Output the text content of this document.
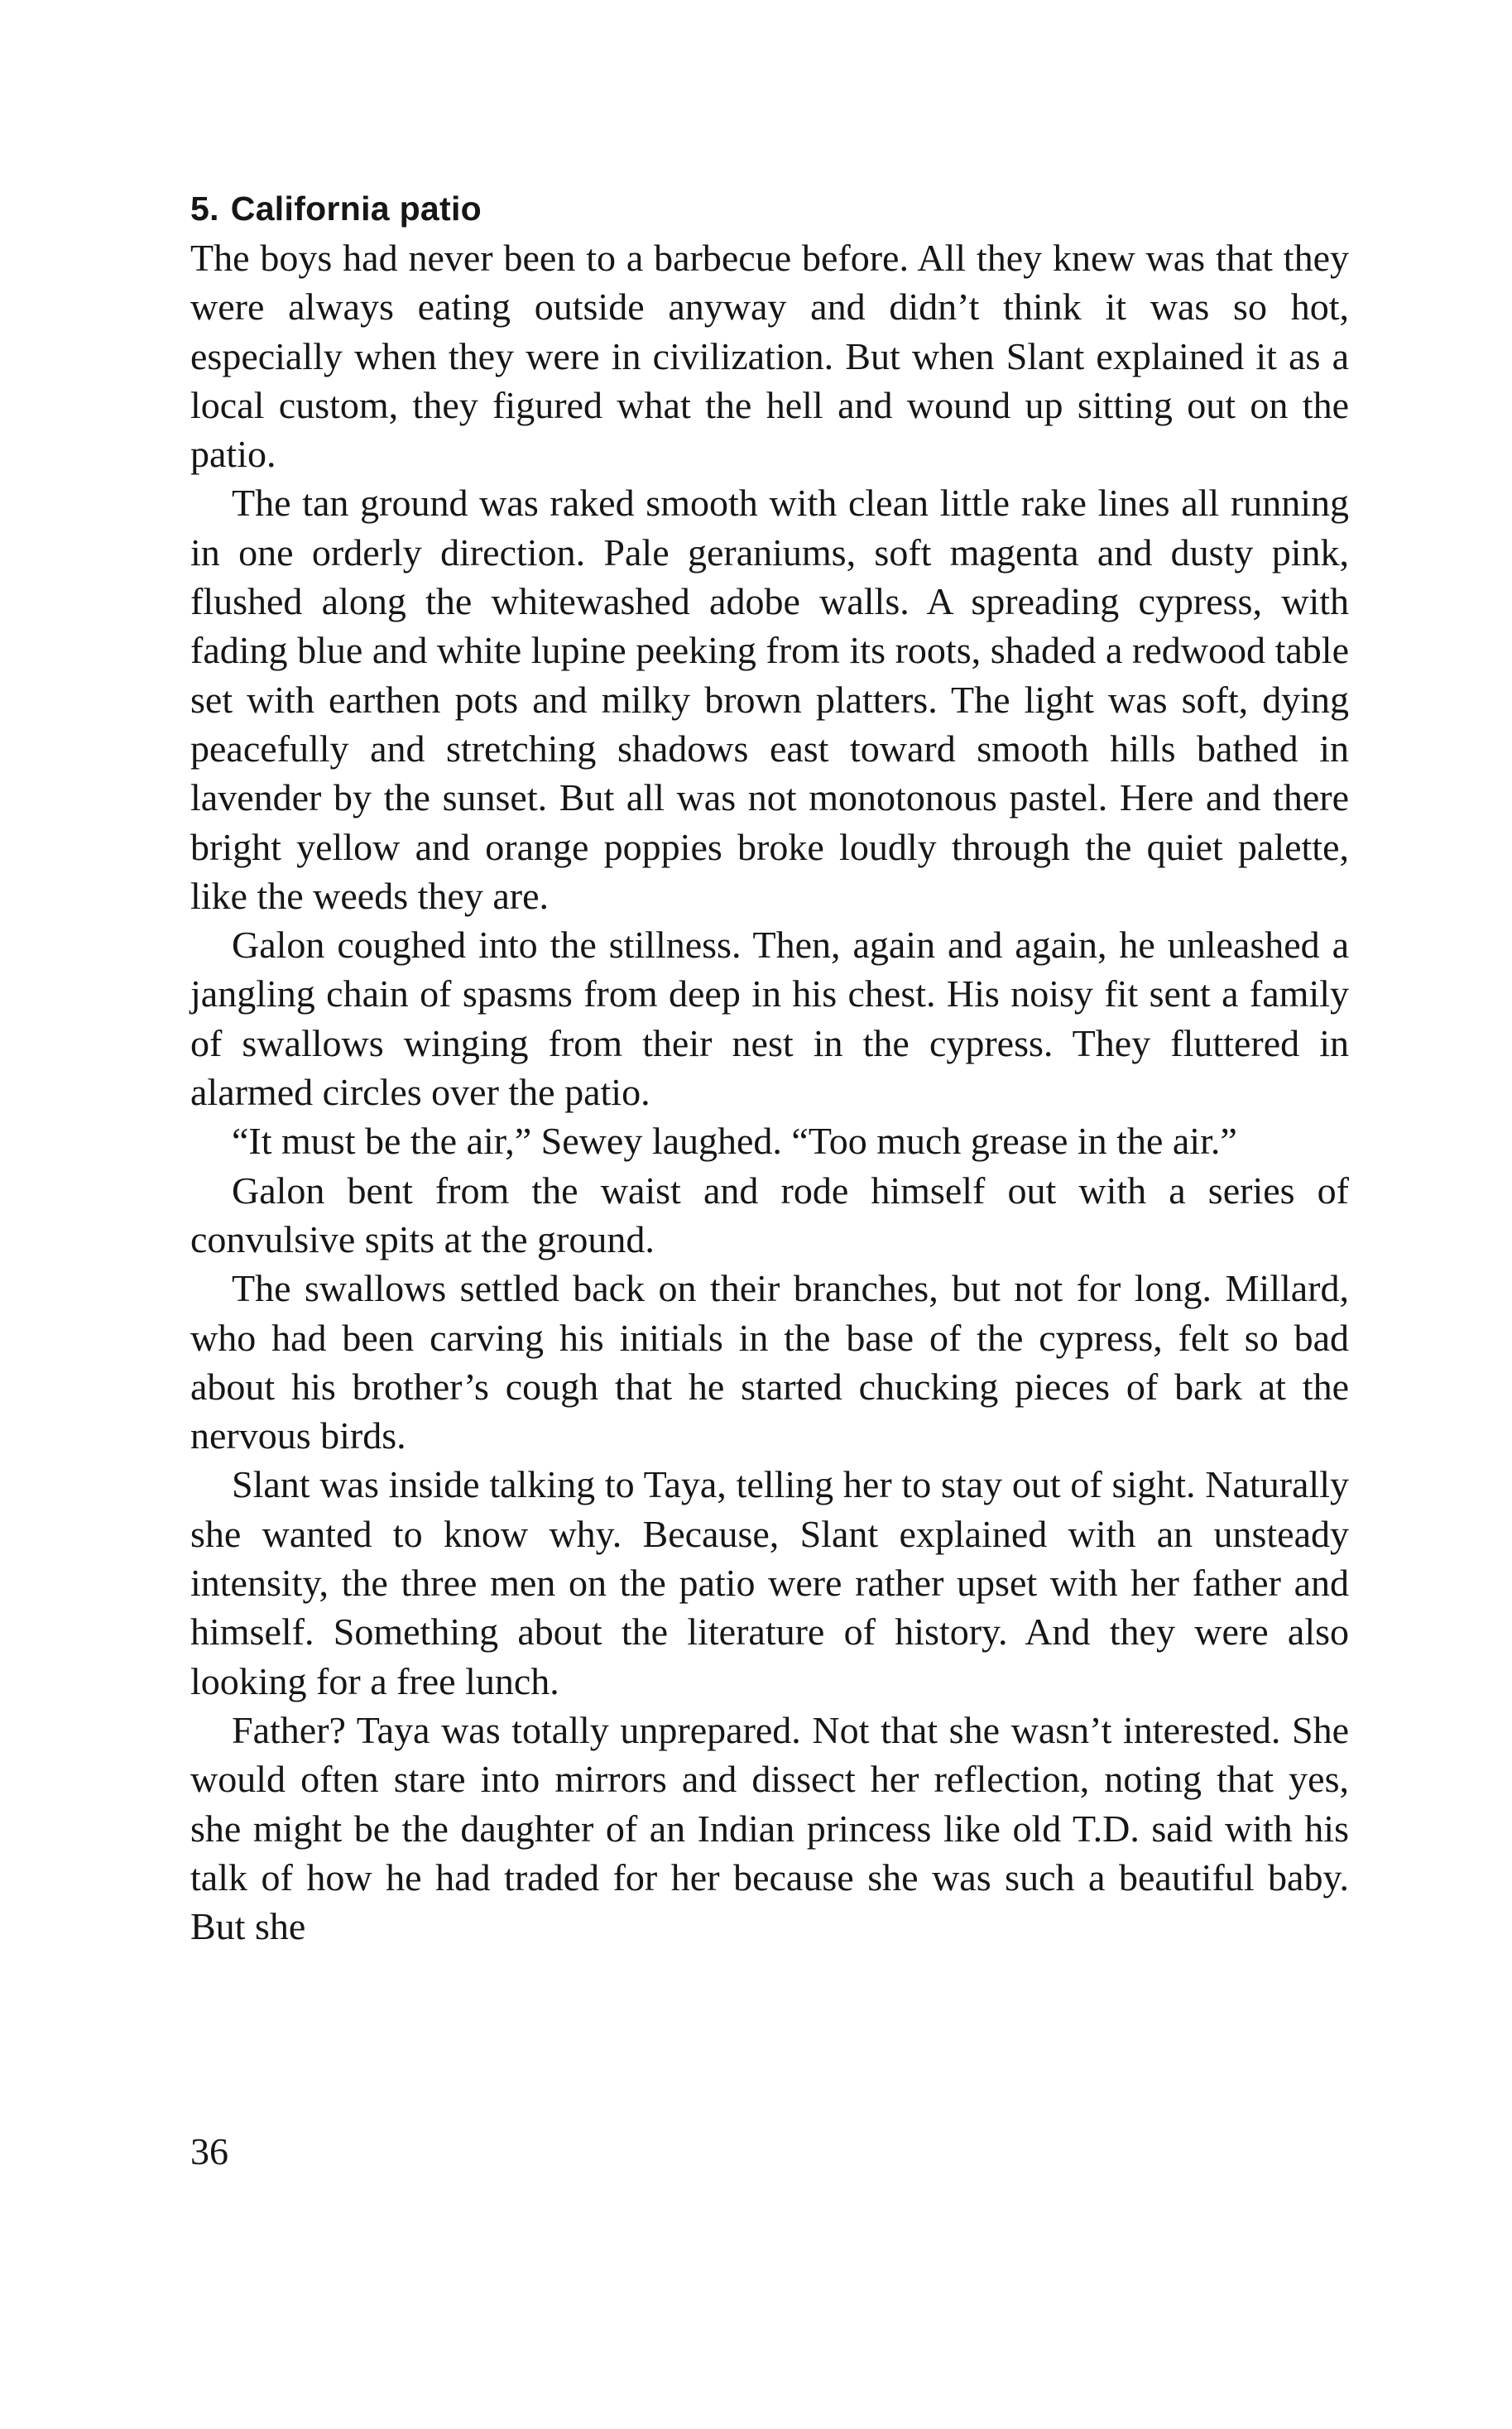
5. California patio

The boys had never been to a barbecue before. All they knew was that they were always eating outside anyway and didn’t think it was so hot, especially when they were in civilization. But when Slant explained it as a local custom, they figured what the hell and wound up sitting out on the patio.

The tan ground was raked smooth with clean little rake lines all running in one orderly direction. Pale geraniums, soft magenta and dusty pink, flushed along the whitewashed adobe walls. A spreading cypress, with fading blue and white lupine peeking from its roots, shaded a redwood table set with earthen pots and milky brown platters. The light was soft, dying peacefully and stretching shadows east toward smooth hills bathed in lavender by the sunset. But all was not monotonous pastel. Here and there bright yellow and orange poppies broke loudly through the quiet palette, like the weeds they are.

Galon coughed into the stillness. Then, again and again, he unleashed a jangling chain of spasms from deep in his chest. His noisy fit sent a family of swallows winging from their nest in the cypress. They fluttered in alarmed circles over the patio.

“It must be the air,” Sewey laughed. “Too much grease in the air.”

Galon bent from the waist and rode himself out with a series of convulsive spits at the ground.

The swallows settled back on their branches, but not for long. Millard, who had been carving his initials in the base of the cypress, felt so bad about his brother’s cough that he started chucking pieces of bark at the nervous birds.

Slant was inside talking to Taya, telling her to stay out of sight. Naturally she wanted to know why. Because, Slant explained with an unsteady intensity, the three men on the patio were rather upset with her father and himself. Something about the literature of history. And they were also looking for a free lunch.

Father? Taya was totally unprepared. Not that she wasn’t interested. She would often stare into mirrors and dissect her reflection, noting that yes, she might be the daughter of an Indian princess like old T.D. said with his talk of how he had traded for her because she was such a beautiful baby. But she

36
